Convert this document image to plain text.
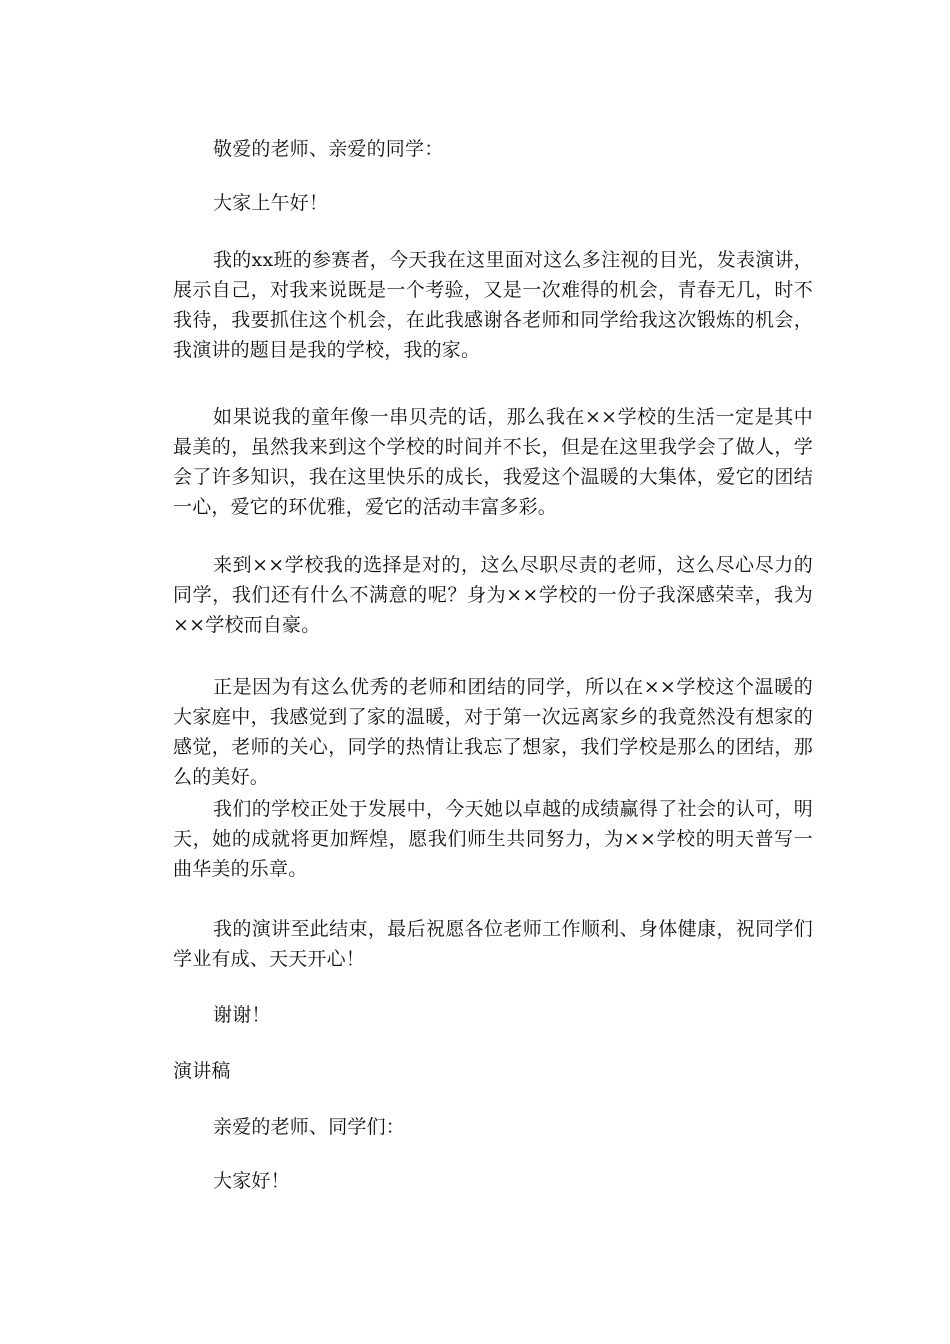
敬爱的老师、亲爱的同学：

大家上午好！

我的xx班的参赛者，今天我在这里面对这么多注视的目光，发表演讲，展示自己，对我来说既是一个考验，又是一次难得的机会，青春无几，时不我待，我要抓住这个机会，在此我感谢各老师和同学给我这次锻炼的机会，我演讲的题目是我的学校，我的家。

如果说我的童年像一串贝壳的话，那么我在××学校的生活一定是其中最美的，虽然我来到这个学校的时间并不长，但是在这里我学会了做人，学会了许多知识，我在这里快乐的成长，我爱这个温暖的大集体，爱它的团结一心，爱它的环优雅，爱它的活动丰富多彩。

来到××学校我的选择是对的，这么尽职尽责的老师，这么尽心尽力的同学，我们还有什么不满意的呢？身为××学校的一份子我深感荣幸，我为××学校而自豪。

正是因为有这么优秀的老师和团结的同学，所以在××学校这个温暖的大家庭中，我感觉到了家的温暖，对于第一次远离家乡的我竟然没有想家的感觉，老师的关心，同学的热情让我忘了想家，我们学校是那么的团结，那么的美好。

我们的学校正处于发展中，今天她以卓越的成绩赢得了社会的认可，明天，她的成就将更加辉煌，愿我们师生共同努力，为××学校的明天普写一曲华美的乐章。

我的演讲至此结束，最后祝愿各位老师工作顺利、身体健康，祝同学们学业有成、天天开心！

谢谢！

演讲稿

亲爱的老师、同学们：

大家好！
